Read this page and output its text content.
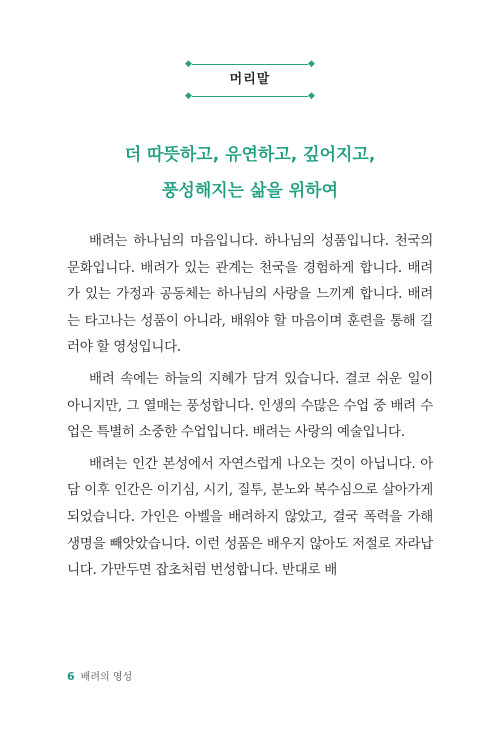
◆	◆
머리말
◆	◆
더 따뜻하고, 유연하고, 깊어지고,
풍성해지는 삶을 위하여

배려는 하나님의 마음입니다. 하나님의 성품입니다. 천국의 문화입니다. 배려가 있는 관계는 천국을 경험하게 합니다. 배려가 있는 가정과 공동체는 하나님의 사랑을 느끼게 합니다. 배려는 타고나는 성품이 아니라, 배워야 할 마음이며 훈련을 통해 길러야 할 영성입니다.

배려 속에는 하늘의 지혜가 담겨 있습니다. 결코 쉬운 일이 아니지만, 그 열매는 풍성합니다. 인생의 수많은 수업 중 배려 수업은 특별히 소중한 수업입니다. 배려는 사랑의 예술입니다.

배려는 인간 본성에서 자연스럽게 나오는 것이 아닙니다. 아담 이후 인간은 이기심, 시기, 질투, 분노와 복수심으로 살아가게 되었습니다. 가인은 아벨을 배려하지 않았고, 결국 폭력을 가해 생명을 빼앗았습니다. 이런 성품은 배우지 않아도 저절로 자라납니다. 가만두면 잡초처럼 번성합니다. 반대로 배

6 배려의 영성
